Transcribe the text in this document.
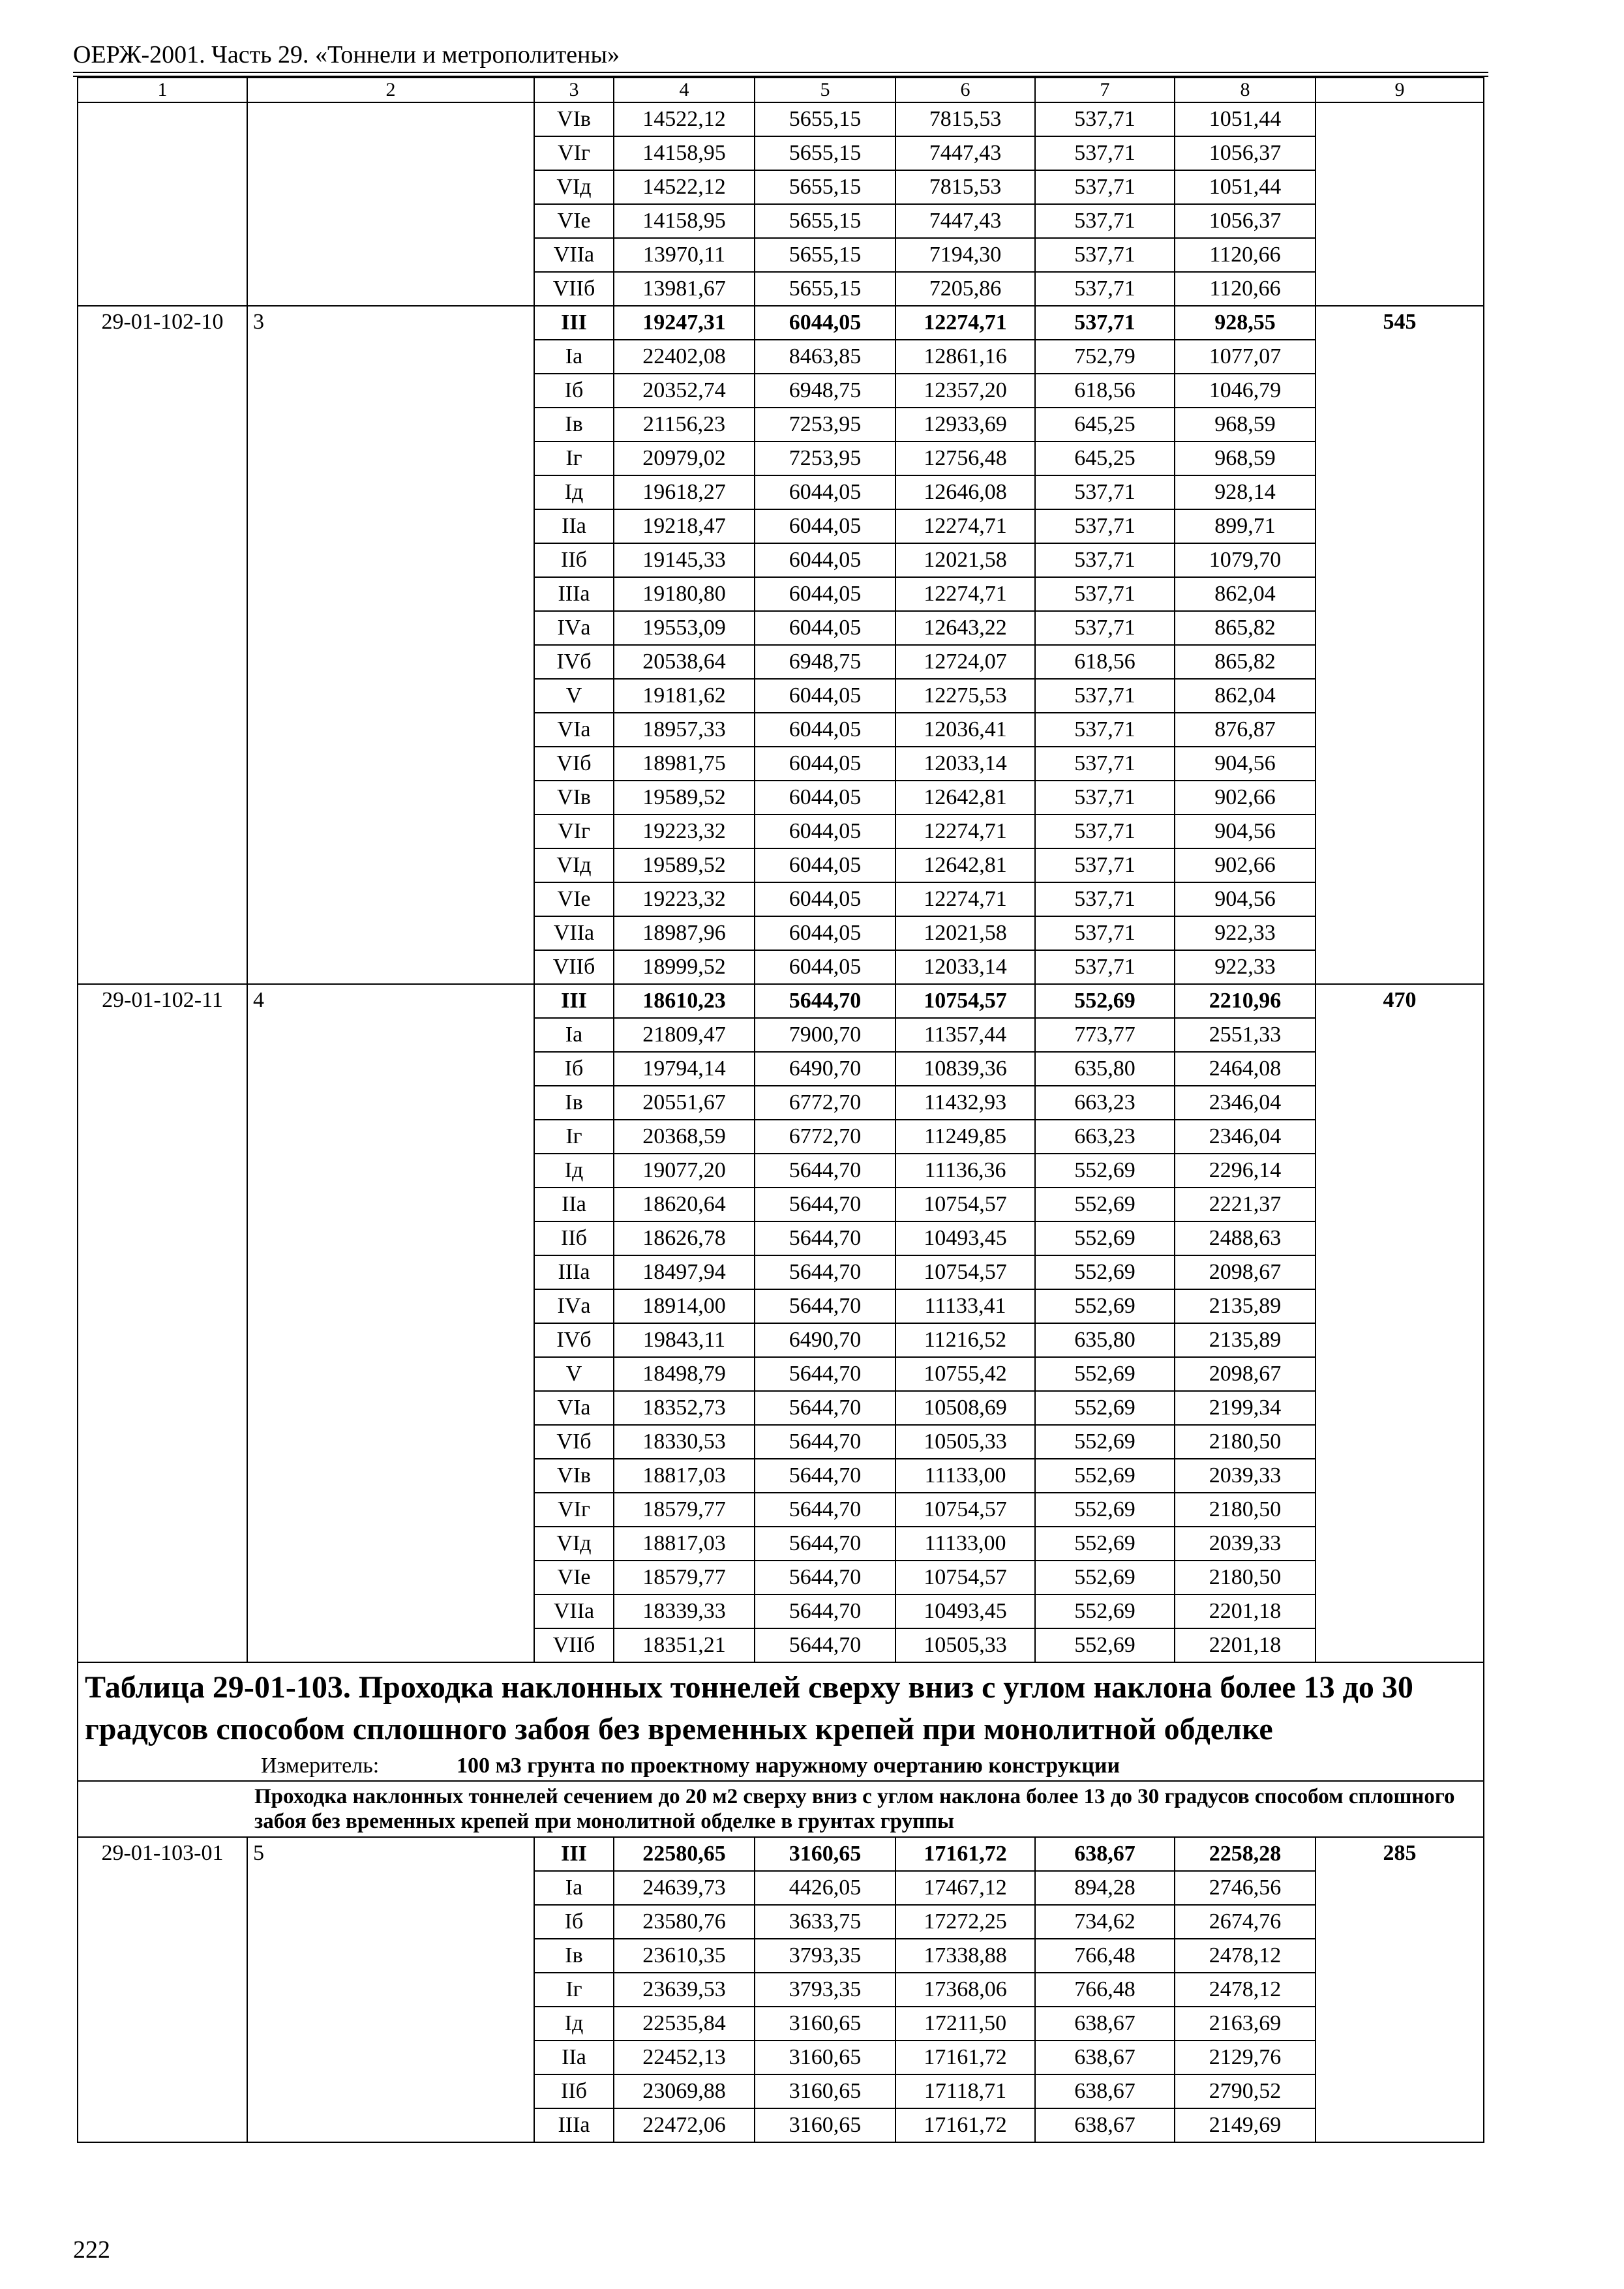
ОЕРЖ-2001. Часть 29. «Тоннели и метрополитены»
1	2	3	4	5	6	7	8	9
		VIв	14522,12	5655,15	7815,53	537,71	1051,44	
		VIг	14158,95	5655,15	7447,43	537,71	1056,37	
		VIд	14522,12	5655,15	7815,53	537,71	1051,44	
		VIе	14158,95	5655,15	7447,43	537,71	1056,37	
		VIIа	13970,11	5655,15	7194,30	537,71	1120,66	
		VIIб	13981,67	5655,15	7205,86	537,71	1120,66	
29-01-102-10	3	III	19247,31	6044,05	12274,71	537,71	928,55	545
		Iа	22402,08	8463,85	12861,16	752,79	1077,07	
		Iб	20352,74	6948,75	12357,20	618,56	1046,79	
		Iв	21156,23	7253,95	12933,69	645,25	968,59	
		Iг	20979,02	7253,95	12756,48	645,25	968,59	
		Iд	19618,27	6044,05	12646,08	537,71	928,14	
		IIа	19218,47	6044,05	12274,71	537,71	899,71	
		IIб	19145,33	6044,05	12021,58	537,71	1079,70	
		IIIа	19180,80	6044,05	12274,71	537,71	862,04	
		IVа	19553,09	6044,05	12643,22	537,71	865,82	
		IVб	20538,64	6948,75	12724,07	618,56	865,82	
		V	19181,62	6044,05	12275,53	537,71	862,04	
		VIа	18957,33	6044,05	12036,41	537,71	876,87	
		VIб	18981,75	6044,05	12033,14	537,71	904,56	
		VIв	19589,52	6044,05	12642,81	537,71	902,66	
		VIг	19223,32	6044,05	12274,71	537,71	904,56	
		VIд	19589,52	6044,05	12642,81	537,71	902,66	
		VIе	19223,32	6044,05	12274,71	537,71	904,56	
		VIIа	18987,96	6044,05	12021,58	537,71	922,33	
		VIIб	18999,52	6044,05	12033,14	537,71	922,33	
29-01-102-11	4	III	18610,23	5644,70	10754,57	552,69	2210,96	470
		Iа	21809,47	7900,70	11357,44	773,77	2551,33	
		Iб	19794,14	6490,70	10839,36	635,80	2464,08	
		Iв	20551,67	6772,70	11432,93	663,23	2346,04	
		Iг	20368,59	6772,70	11249,85	663,23	2346,04	
		Iд	19077,20	5644,70	11136,36	552,69	2296,14	
		IIа	18620,64	5644,70	10754,57	552,69	2221,37	
		IIб	18626,78	5644,70	10493,45	552,69	2488,63	
		IIIа	18497,94	5644,70	10754,57	552,69	2098,67	
		IVа	18914,00	5644,70	11133,41	552,69	2135,89	
		IVб	19843,11	6490,70	11216,52	635,80	2135,89	
		V	18498,79	5644,70	10755,42	552,69	2098,67	
		VIа	18352,73	5644,70	10508,69	552,69	2199,34	
		VIб	18330,53	5644,70	10505,33	552,69	2180,50	
		VIв	18817,03	5644,70	11133,00	552,69	2039,33	
		VIг	18579,77	5644,70	10754,57	552,69	2180,50	
		VIд	18817,03	5644,70	11133,00	552,69	2039,33	
		VIе	18579,77	5644,70	10754,57	552,69	2180,50	
		VIIа	18339,33	5644,70	10493,45	552,69	2201,18	
		VIIб	18351,21	5644,70	10505,33	552,69	2201,18	
Таблица 29-01-103. Проходка наклонных тоннелей сверху вниз с углом наклона более 13 до 30 градусов способом сплошного забоя без временных крепей при монолитной обделке
Измеритель: 100 м3 грунта по проектному наружному очертанию конструкции								

Проходка наклонных тоннелей сечением до 20 м2 сверху вниз с углом наклона более 13 до 30 градусов способом сплошного забоя без временных крепей при монолитной обделке в грунтах группы								
29-01-103-01	5	III	22580,65	3160,65	17161,72	638,67	2258,28	285
		Iа	24639,73	4426,05	17467,12	894,28	2746,56	
		Iб	23580,76	3633,75	17272,25	734,62	2674,76	
		Iв	23610,35	3793,35	17338,88	766,48	2478,12	
		Iг	23639,53	3793,35	17368,06	766,48	2478,12	
		Iд	22535,84	3160,65	17211,50	638,67	2163,69	
		IIа	22452,13	3160,65	17161,72	638,67	2129,76	
		IIб	23069,88	3160,65	17118,71	638,67	2790,52	
		IIIа	22472,06	3160,65	17161,72	638,67	2149,69	
222
